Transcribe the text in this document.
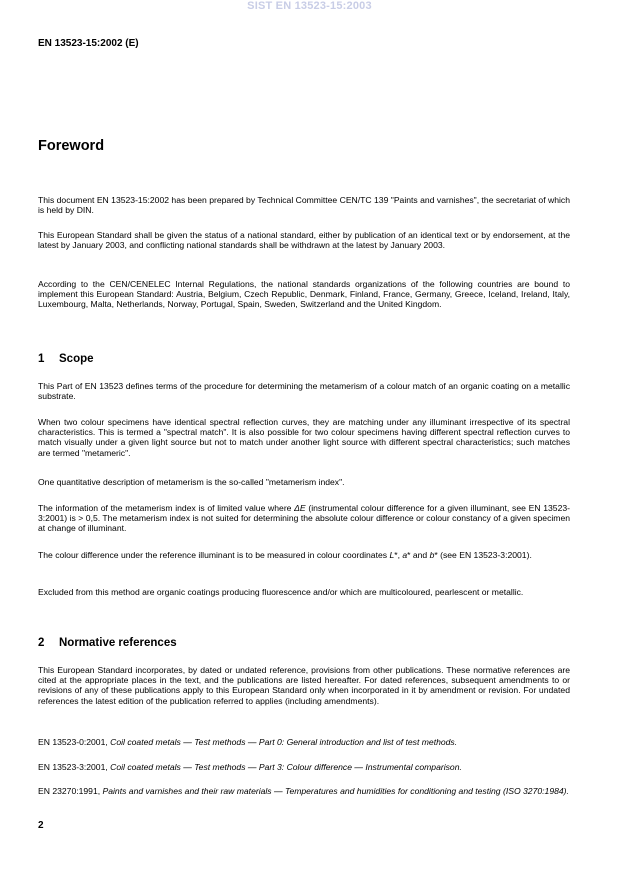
SIST EN 13523-15:2003
EN 13523-15:2002 (E)
Foreword
This document EN 13523-15:2002 has been prepared by Technical Committee CEN/TC 139 "Paints and varnishes", the secretariat of which is held by DIN.
This European Standard shall be given the status of a national standard, either by publication of an identical text or by endorsement, at the latest by January 2003, and conflicting national standards shall be withdrawn at the latest by January 2003.
According to the CEN/CENELEC Internal Regulations, the national standards organizations of the following countries are bound to implement this European Standard: Austria, Belgium, Czech Republic, Denmark, Finland, France, Germany, Greece, Iceland, Ireland, Italy, Luxembourg, Malta, Netherlands, Norway, Portugal, Spain, Sweden, Switzerland and the United Kingdom.
1 Scope
This Part of EN 13523 defines terms of the procedure for determining the metamerism of a colour match of an organic coating on a metallic substrate.
When two colour specimens have identical spectral reflection curves, they are matching under any illuminant irrespective of its spectral characteristics. This is termed a "spectral match". It is also possible for two colour specimens having different spectral reflection curves to match visually under a given light source but not to match under another light source with different spectral characteristics; such matches are termed "metameric".
One quantitative description of metamerism is the so-called "metamerism index".
The information of the metamerism index is of limited value where ΔE (instrumental colour difference for a given illuminant, see EN 13523-3:2001) is > 0,5. The metamerism index is not suited for determining the absolute colour difference or colour constancy of a given specimen at change of illuminant.
The colour difference under the reference illuminant is to be measured in colour coordinates L*, a* and b* (see EN 13523-3:2001).
Excluded from this method are organic coatings producing fluorescence and/or which are multicoloured, pearlescent or metallic.
2 Normative references
This European Standard incorporates, by dated or undated reference, provisions from other publications. These normative references are cited at the appropriate places in the text, and the publications are listed hereafter. For dated references, subsequent amendments to or revisions of any of these publications apply to this European Standard only when incorporated in it by amendment or revision. For undated references the latest edition of the publication referred to applies (including amendments).
EN 13523-0:2001, Coil coated metals — Test methods — Part 0: General introduction and list of test methods.
EN 13523-3:2001, Coil coated metals — Test methods — Part 3: Colour difference — Instrumental comparison.
EN 23270:1991, Paints and varnishes and their raw materials — Temperatures and humidities for conditioning and testing (ISO 3270:1984).
2
